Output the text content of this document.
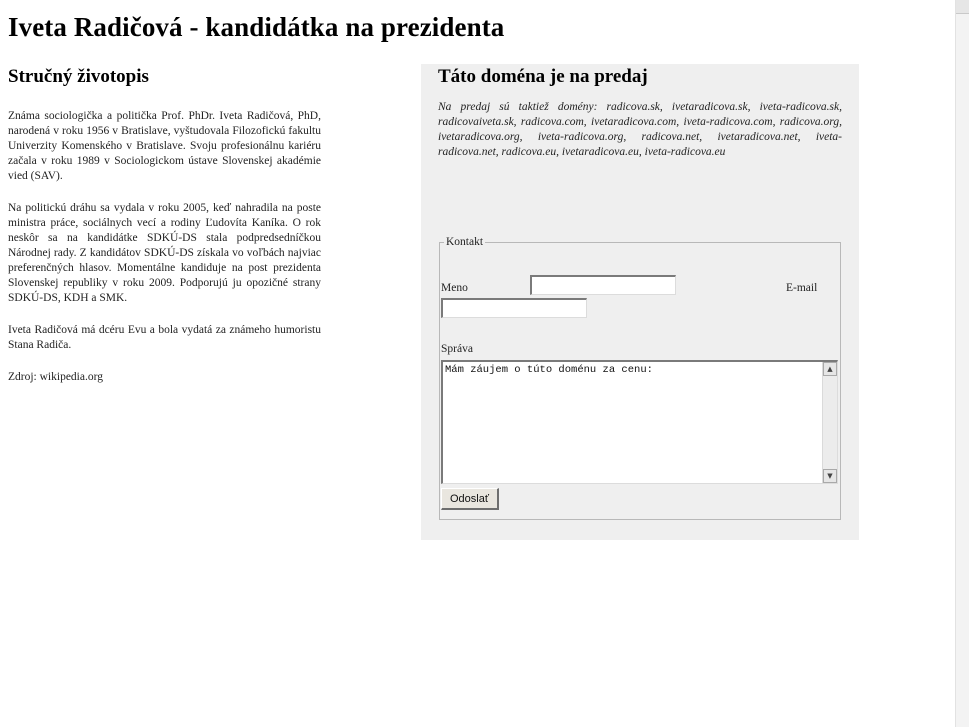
Iveta Radičová - kandidátka na prezidenta
Stručný životopis

Známa sociologička a politička Prof. PhDr. Iveta Radičová, PhD, narodená v roku 1956 v Bratislave, vyštudovala Filozofickú fakultu Univerzity Komenského v Bratislave. Svoju profesionálnu kariéru začala v roku 1989 v Sociologickom ústave Slovenskej akadémie vied (SAV).

Na politickú dráhu sa vydala v roku 2005, keď nahradila na poste ministra práce, sociálnych vecí a rodiny Ľudovíta Kaníka. O rok neskôr sa na kandidátke SDKÚ-DS stala podpredsedníčkou Národnej rady. Z kandidátov SDKÚ-DS získala vo voľbách najviac preferenčných hlasov. Momentálne kandiduje na post prezidenta Slovenskej republiky v roku 2009. Podporujú ju opozičné strany SDKÚ-DS, KDH a SMK.

Iveta Radičová má dcéru Evu a bola vydatá za známeho humoristu Stana Radiča.

Zdroj: wikipedia.org

Táto doména je na predaj

Na predaj sú taktiež domény: radicova.sk, ivetaradicova.sk, iveta-radicova.sk, radicovaiveta.sk, radicova.com, ivetaradicova.com, iveta-radicova.com, radicova.org, ivetaradicova.org, iveta-radicova.org, radicova.net, ivetaradicova.net, iveta-radicova.net, radicova.eu, ivetaradicova.eu, iveta-radicova.eu

Kontakt
Meno	E-mail
Správa
Mám záujem o túto doménu za cenu:
▲
▼
Odoslať
